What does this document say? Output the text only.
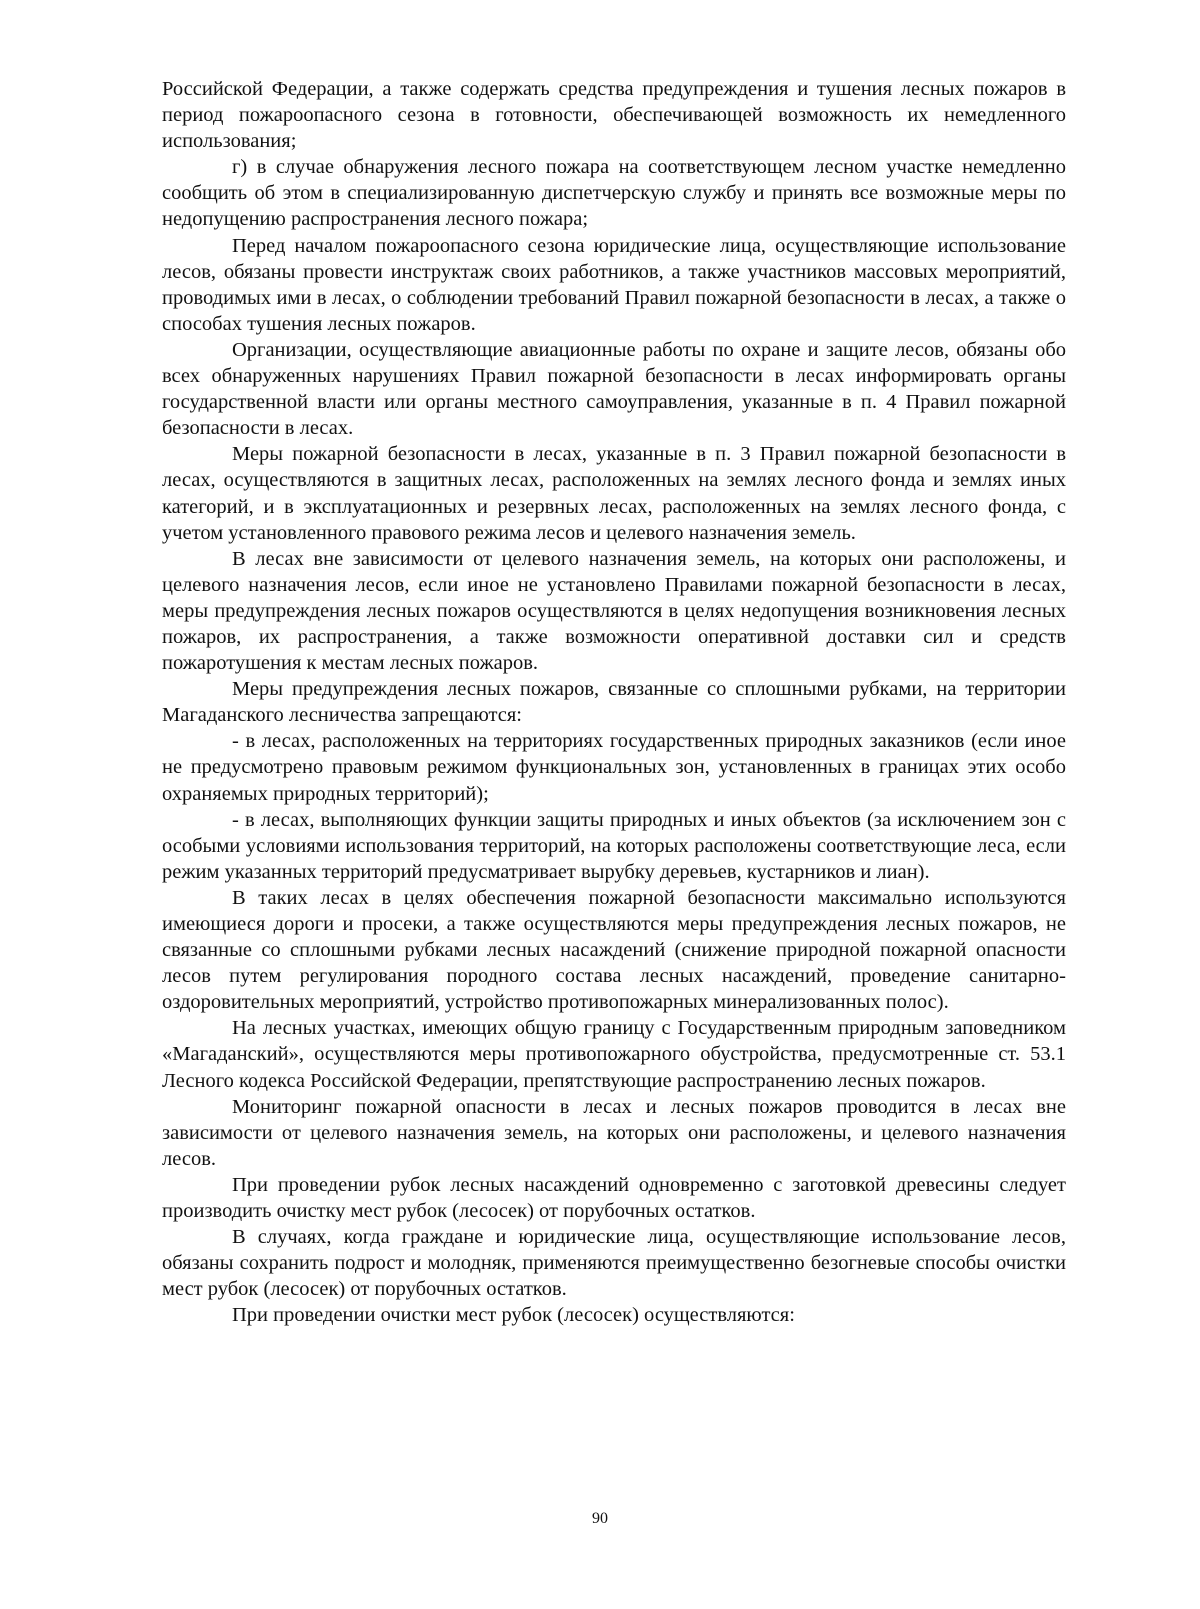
Российской Федерации, а также содержать средства предупреждения и тушения лесных пожаров в период пожароопасного сезона в готовности, обеспечивающей возможность их немедленного использования;

г) в случае обнаружения лесного пожара на соответствующем лесном участке немедленно сообщить об этом в специализированную диспетчерскую службу и принять все возможные меры по недопущению распространения лесного пожара;

Перед началом пожароопасного сезона юридические лица, осуществляющие использование лесов, обязаны провести инструктаж своих работников, а также участников массовых мероприятий, проводимых ими в лесах, о соблюдении требований Правил пожарной безопасности в лесах, а также о способах тушения лесных пожаров.

Организации, осуществляющие авиационные работы по охране и защите лесов, обязаны обо всех обнаруженных нарушениях Правил пожарной безопасности в лесах информировать органы государственной власти или органы местного самоуправления, указанные в п. 4 Правил пожарной безопасности в лесах.

Меры пожарной безопасности в лесах, указанные в п. 3 Правил пожарной безопасности в лесах, осуществляются в защитных лесах, расположенных на землях лесного фонда и землях иных категорий, и в эксплуатационных и резервных лесах, расположенных на землях лесного фонда, с учетом установленного правового режима лесов и целевого назначения земель.

В лесах вне зависимости от целевого назначения земель, на которых они расположены, и целевого назначения лесов, если иное не установлено Правилами пожарной безопасности в лесах, меры предупреждения лесных пожаров осуществляются в целях недопущения возникновения лесных пожаров, их распространения, а также возможности оперативной доставки сил и средств пожаротушения к местам лесных пожаров.

Меры предупреждения лесных пожаров, связанные со сплошными рубками, на территории Магаданского лесничества запрещаются:

- в лесах, расположенных на территориях государственных природных заказников (если иное не предусмотрено правовым режимом функциональных зон, установленных в границах этих особо охраняемых природных территорий);

- в лесах, выполняющих функции защиты природных и иных объектов (за исключением зон с особыми условиями использования территорий, на которых расположены соответствующие леса, если режим указанных территорий предусматривает вырубку деревьев, кустарников и лиан).

В таких лесах в целях обеспечения пожарной безопасности максимально используются имеющиеся дороги и просеки, а также осуществляются меры предупреждения лесных пожаров, не связанные со сплошными рубками лесных насаждений (снижение природной пожарной опасности лесов путем регулирования породного состава лесных насаждений, проведение санитарно-оздоровительных мероприятий, устройство противопожарных минерализованных полос).

На лесных участках, имеющих общую границу с Государственным природным заповедником «Магаданский», осуществляются меры противопожарного обустройства, предусмотренные ст. 53.1 Лесного кодекса Российской Федерации, препятствующие распространению лесных пожаров.

Мониторинг пожарной опасности в лесах и лесных пожаров проводится в лесах вне зависимости от целевого назначения земель, на которых они расположены, и целевого назначения лесов.

При проведении рубок лесных насаждений одновременно с заготовкой древесины следует производить очистку мест рубок (лесосек) от порубочных остатков.

В случаях, когда граждане и юридические лица, осуществляющие использование лесов, обязаны сохранить подрост и молодняк, применяются преимущественно безогневые способы очистки мест рубок (лесосек) от порубочных остатков.

При проведении очистки мест рубок (лесосек) осуществляются:

90
